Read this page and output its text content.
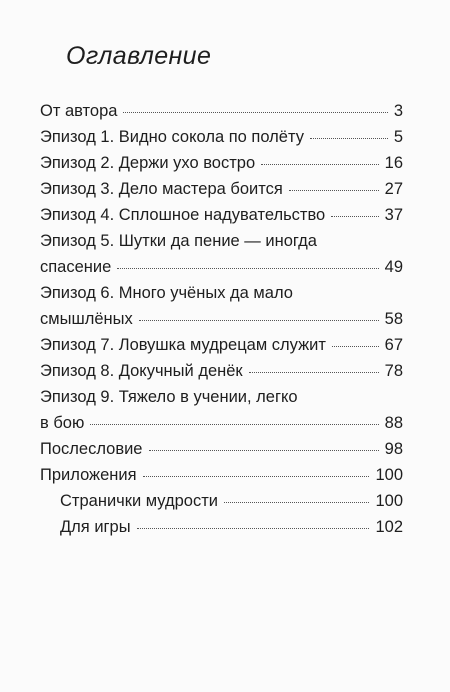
Оглавление
От автора	3
Эпизод 1. Видно сокола по полёту	5
Эпизод 2. Держи ухо востро	16
Эпизод 3. Дело мастера боится	27
Эпизод 4. Сплошное надувательство	37
Эпизод 5. Шутки да пение — иногда
спасение	49
Эпизод 6. Много учёных да мало
смышлёных	58
Эпизод 7. Ловушка мудрецам служит	67
Эпизод 8. Докучный денёк	78
Эпизод 9. Тяжело в учении, легко
в бою	88
Послесловие	98
Приложения	100
Странички мудрости	100
Для игры	102
